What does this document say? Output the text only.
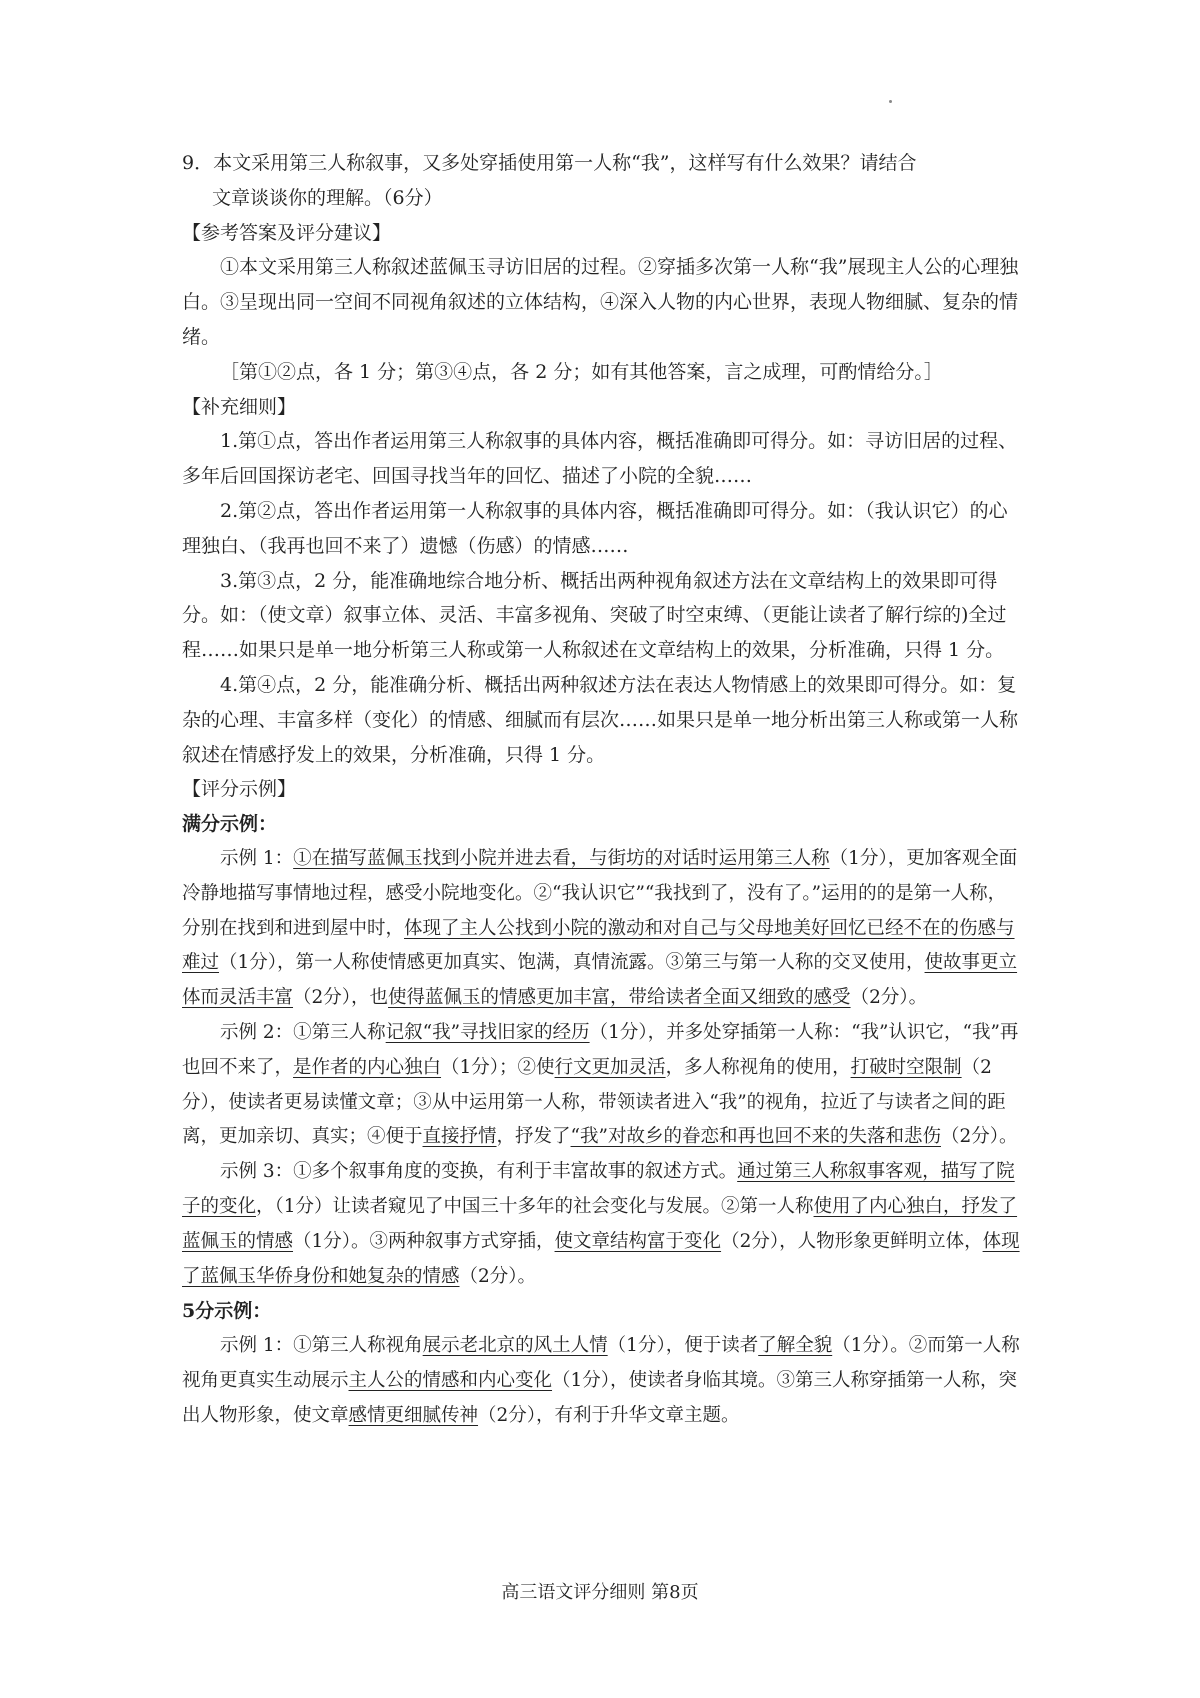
9．本文采用第三人称叙事，又多处穿插使用第一人称“我”，这样写有什么效果？请结合
文章谈谈你的理解。（6分）
【参考答案及评分建议】
①本文采用第三人称叙述蓝佩玉寻访旧居的过程。②穿插多次第一人称“我”展现主人公的心理独白。③呈现出同一空间不同视角叙述的立体结构，④深入人物的内心世界，表现人物细腻、复杂的情绪。
［第①②点，各 1 分；第③④点，各 2 分；如有其他答案，言之成理，可酌情给分。］
【补充细则】
1.第①点，答出作者运用第三人称叙事的具体内容，概括准确即可得分。如：寻访旧居的过程、多年后回国探访老宅、回国寻找当年的回忆、描述了小院的全貌……
2.第②点，答出作者运用第一人称叙事的具体内容，概括准确即可得分。如：（我认识它）的心理独白、（我再也回不来了）遗憾（伤感）的情感……
3.第③点，2 分，能准确地综合地分析、概括出两种视角叙述方法在文章结构上的效果即可得分。如：（使文章）叙事立体、灵活、丰富多视角、突破了时空束缚、（更能让读者了解行综的)全过程……如果只是单一地分析第三人称或第一人称叙述在文章结构上的效果，分析准确，只得 1 分。
4.第④点，2 分，能准确分析、概括出两种叙述方法在表达人物情感上的效果即可得分。如：复杂的心理、丰富多样（变化）的情感、细腻而有层次……如果只是单一地分析出第三人称或第一人称叙述在情感抒发上的效果，分析准确，只得 1 分。
【评分示例】
满分示例：
示例 1：①在描写蓝佩玉找到小院并进去看，与街坊的对话时运用第三人称（1分），更加客观全面冷静地描写事情地过程，感受小院地变化。②“我认识它”“我找到了，没有了。”运用的的是第一人称，分别在找到和进到屋中时，体现了主人公找到小院的激动和对自己与父母地美好回忆已经不在的伤感与难过（1分），第一人称使情感更加真实、饱满，真情流露。③第三与第一人称的交叉使用，使故事更立体而灵活丰富（2分），也使得蓝佩玉的情感更加丰富，带给读者全面又细致的感受（2分）。
示例 2：①第三人称记叙“我”寻找旧家的经历（1分），并多处穿插第一人称：“我”认识它，“我”再也回不来了，是作者的内心独白（1分）；②使行文更加灵活，多人称视角的使用，打破时空限制（2分），使读者更易读懂文章；③从中运用第一人称，带领读者进入“我”的视角，拉近了与读者之间的距离，更加亲切、真实；④便于直接抒情，抒发了“我”对故乡的眷恋和再也回不来的失落和悲伤（2分）。
示例 3：①多个叙事角度的变换，有利于丰富故事的叙述方式。通过第三人称叙事客观，描写了院子的变化，（1分）让读者窥见了中国三十多年的社会变化与发展。②第一人称使用了内心独白，抒发了蓝佩玉的情感（1分）。③两种叙事方式穿插，使文章结构富于变化（2分），人物形象更鲜明立体，体现了蓝佩玉华侨身份和她复杂的情感（2分）。
5分示例：
示例 1：①第三人称视角展示老北京的风土人情（1分），便于读者了解全貌（1分）。②而第一人称视角更真实生动展示主人公的情感和内心变化（1分），使读者身临其境。③第三人称穿插第一人称，突出人物形象，使文章感情更细腻传神（2分），有利于升华文章主题。
高三语文评分细则 第8页
